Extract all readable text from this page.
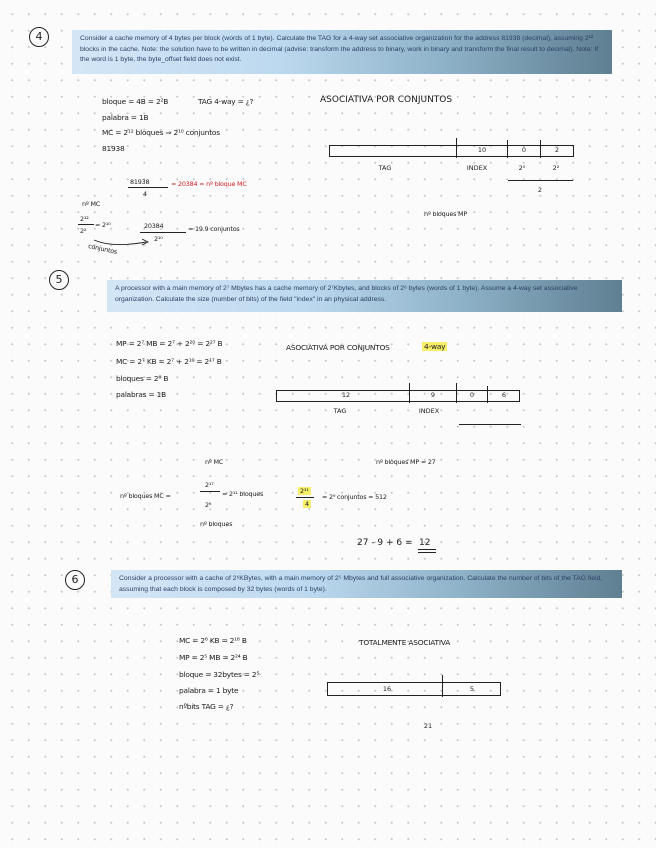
4	Consider a cache memory of 4 bytes per block (words of 1 byte). Calculate the TAG for a 4-way set associative organization for the address 81938 (decimal), assuming 2¹² blocks in the cache. Note: the solution have to be written in decimal (advise: transform the address to binary, work in binary and transform the final result to decimal). Note: If the word is 1 byte, the byte_offset field does not exist.
bloque = 4B = 2²B	TAG 4-way = ¿?	ASOCIATIVA POR CONJUNTOS
palabra = 1B
MC = 2¹² bloques ⇒ 2¹⁰ conjuntos
81938	10	0	2
TAG	INDEX	2⁰	2²
2
81938
4
= 20384 = nº bloque MC
nº MC
2¹²
2²
= 2¹⁰
conjuntos
20384
2¹⁰
= 19.9 conjuntos
nº bloques MP
5
A processor with a main memory of 2⁷ Mbytes has a cache memory of 2⁷Kbytes, and blocks of 2⁶ bytes (words of 1 byte). Assume a 4-way set associative organization. Calculate the size (number of bits) of the field "index" in an physical address.
MP = 2⁷ MB = 2⁷ + 2²⁰ = 2²⁷ B	ASOCIATIVA POR CONJUNTOS	4-way
MC = 2⁷ KB = 2⁷ + 2¹⁰ = 2¹⁷ B
bloques = 2⁶ B
palabras = 1B	12	9	0	6
TAG	INDEX
nº MC
nº bloques MC =
2¹⁷
2⁶
= 2¹¹ bloques
nº bloques
nº bloques MP = 27
2¹¹
4
= 2⁹ conjuntos = 512
27 - 9 + 6 = 12
6	Consider a processor with a cache of 2⁶KBytes, with a main memory of 2⁵ Mbytes and full associative organization. Calculate the number of bits of the TAG field, assuming that each block is composed by 32 bytes (words of 1 byte).
MC = 2⁶ KB = 2¹⁶ B
MP = 2⁵ MB = 2²⁴ B
bloque = 32bytes = 2⁵
palabra = 1 byte
nºbits TAG = ¿?
TOTALMENTE ASOCIATIVA
16	5
21
